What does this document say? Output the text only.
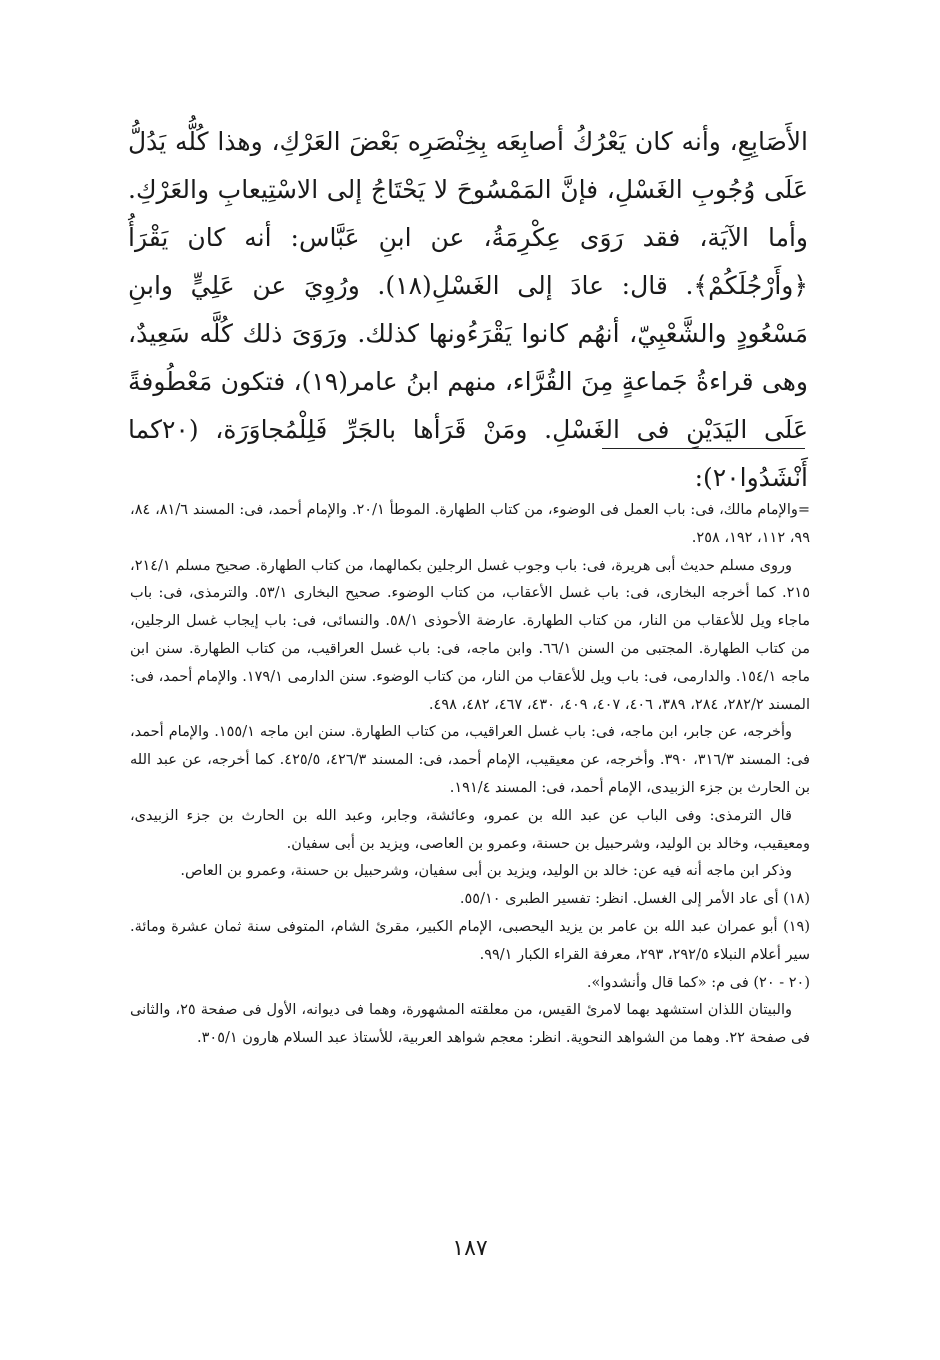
الأَصَابِعِ، وأنه كان يَعْرُكُ أصابِعَه بِخِنْصَرِه بَعْضَ العَرْكِ، وهذا كُلُّه يَدُلُّ عَلَى وُجُوبِ الغَسْلِ، فإنَّ المَمْسُوحَ لا يَحْتَاجُ إلى الاسْتِيعابِ والعَرْكِ. وأما الآيَة، فقد رَوَى عِكْرِمَةُ، عن ابنِ عَبَّاس: أنه كان يَقْرَأُ ﴿وأَرْجُلَكُمْ﴾. قال: عادَ إلى الغَسْلِ(١٨). ورُوِيَ عن عَلِيٍّ وابنِ مَسْعُودٍ والشَّعْبِيّ، أنهُم كانوا يَقْرَءُونها كذلك. ورَوَىَ ذلك كُلَّه سَعِيدٌ، وهى قراءةُ جَماعةٍ مِنَ القُرَّاء، منهم ابنُ عامر(١٩)، فتكون مَعْطُوفةً عَلَى اليَدَيْنِ فى الغَسْلِ. ومَنْ قَرَأها بالجَرِّ فَلِلْمُجاوَرَة، (٢٠كما أَنْشَدُوا٢٠):

=والإمام مالك، فى: باب العمل فى الوضوء، من كتاب الطهارة. الموطأ ٢٠/١. والإمام أحمد، فى: المسند ٨١/٦، ٨٤، ٩٩، ١١٢، ١٩٢، ٢٥٨.

وروى مسلم حديث أبى هريرة، فى: باب وجوب غسل الرجلين بكمالهما، من كتاب الطهارة. صحيح مسلم ٢١٤/١، ٢١٥. كما أخرجه البخارى، فى: باب غسل الأعقاب، من كتاب الوضوء. صحيح البخارى ٥٣/١. والترمذى، فى: باب ماجاء ويل للأعقاب من النار، من كتاب الطهارة. عارضة الأحوذى ٥٨/١. والنسائى، فى: باب إيجاب غسل الرجلين، من كتاب الطهارة. المجتبى من السنن ٦٦/١. وابن ماجه، فى: باب غسل العراقيب، من كتاب الطهارة. سنن ابن ماجه ١٥٤/١. والدارمى، فى: باب ويل للأعقاب من النار، من كتاب الوضوء. سنن الدارمى ١٧٩/١. والإمام أحمد، فى: المسند ٢٨٢/٢، ٢٨٤، ٣٨٩، ٤٠٦، ٤٠٧، ٤٠٩، ٤٣٠، ٤٦٧، ٤٨٢، ٤٩٨.

وأخرجه، عن جابر، ابن ماجه، فى: باب غسل العراقيب، من كتاب الطهارة. سنن ابن ماجه ١٥٥/١. والإمام أحمد، فى: المسند ٣١٦/٣، ٣٩٠. وأخرجه، عن معيقيب، الإمام أحمد، فى: المسند ٤٢٦/٣، ٤٢٥/٥. كما أخرجه، عن عبد الله بن الحارث بن جزء الزبيدى، الإمام أحمد، فى: المسند ١٩١/٤.

قال الترمذى: وفى الباب عن عبد الله بن عمرو، وعائشة، وجابر، وعبد الله بن الحارث بن جزء الزبيدى، ومعيقيب، وخالد بن الوليد، وشرحبيل بن حسنة، وعمرو بن العاصى، ويزيد بن أبى سفيان.

وذكر ابن ماجه أنه فيه عن: خالد بن الوليد، ويزيد بن أبى سفيان، وشرحبيل بن حسنة، وعمرو بن العاص.

(١٨) أى عاد الأمر إلى الغسل. انظر: تفسير الطبرى ٥٥/١٠.

(١٩) أبو عمران عبد الله بن عامر بن يزيد اليحصبى، الإمام الكبير، مقرئ الشام، المتوفى سنة ثمان عشرة ومائة. سير أعلام النبلاء ٢٩٢/٥، ٢٩٣، معرفة القراء الكبار ٩٩/١.

(٢٠ - ٢٠) فى م: «كما قال وأنشدوا».

والبيتان اللذان استشهد بهما لامرئ القيس، من معلقته المشهورة، وهما فى ديوانه، الأول فى صفحة ٢٥، والثانى فى صفحة ٢٢. وهما من الشواهد النحوية. انظر: معجم شواهد العربية، للأستاذ عبد السلام هارون ٣٠٥/١.

١٨٧
